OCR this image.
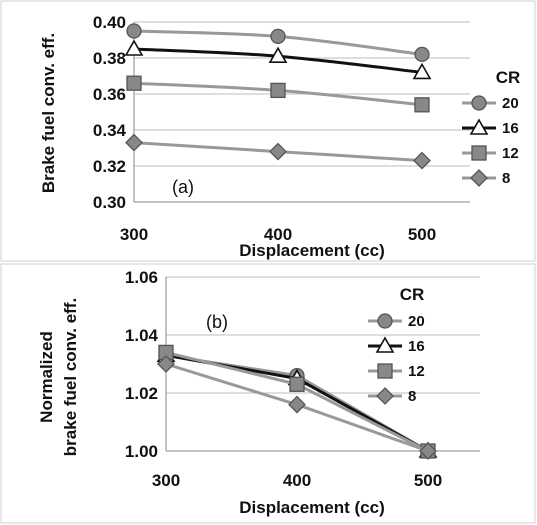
(a)
Displacement (cc)
Brake fuel conv. eff.	CR
(b)
Displacement (cc)
Normalized brake fuel conv. eff.
CR
0.30
0.32
0.34
0.36
0.38
0.40
300	400	500
20
16
12
8
1.00
1.02
1.04
1.06
300	400	500
20
16
12
8
